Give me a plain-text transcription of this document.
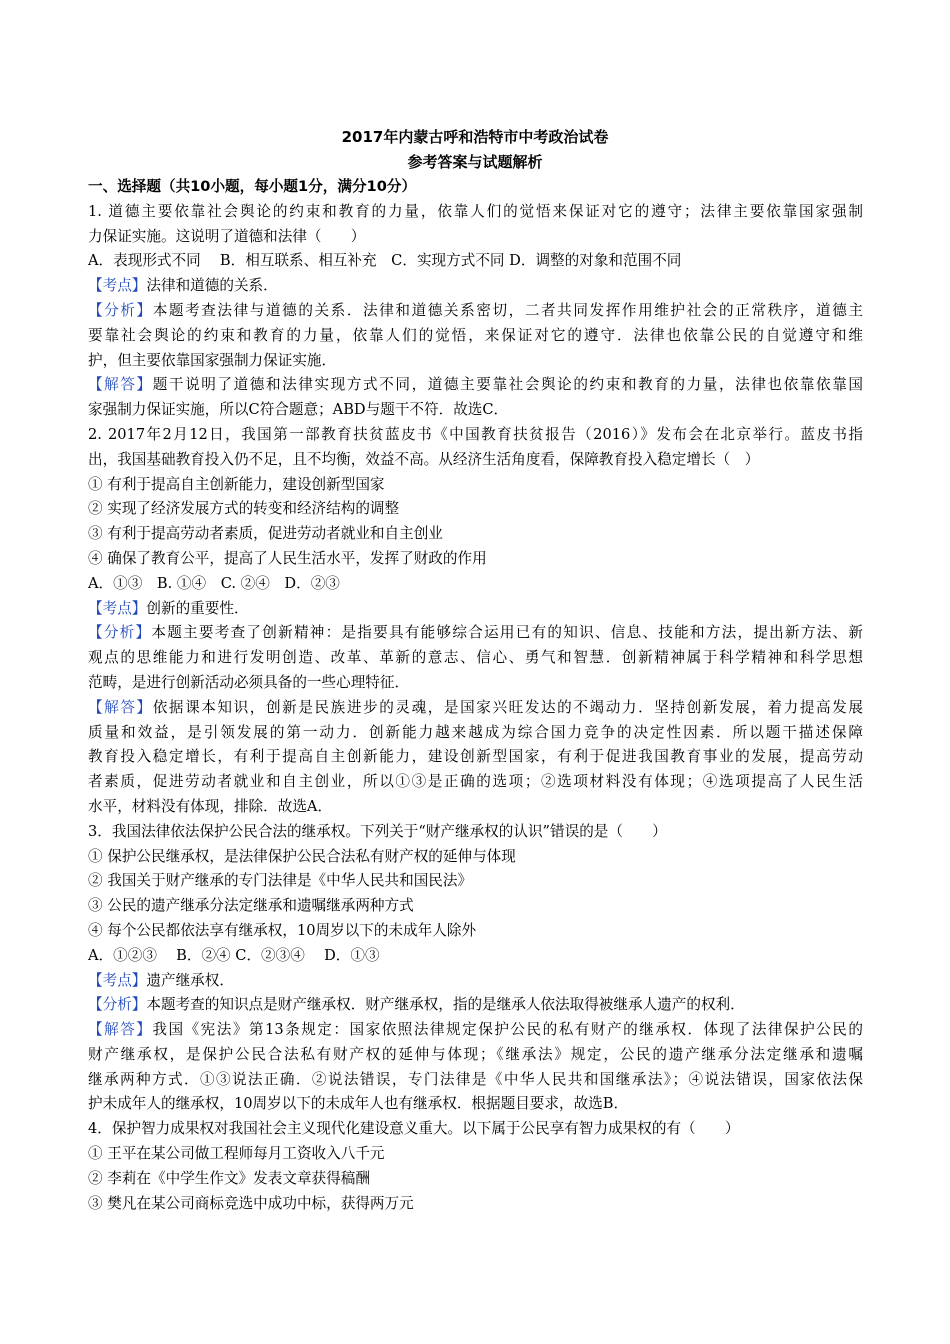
2017年内蒙古呼和浩特市中考政治试卷
参考答案与试题解析
一、选择题（共10小题，每小题1分，满分10分）
1. 道德主要依靠社会舆论的约束和教育的力量，依靠人们的觉悟来保证对它的遵守；法律主要依靠国家强制
力保证实施。这说明了道德和法律（　　）
A．表现形式不同　 B．相互联系、相互补充　C．实现方式不同 D．调整的对象和范围不同
【考点】法律和道德的关系．
【分析】本题考查法律与道德的关系．法律和道德关系密切，二者共同发挥作用维护社会的正常秩序，道德主
要靠社会舆论的约束和教育的力量，依靠人们的觉悟，来保证对它的遵守．法律也依靠公民的自觉遵守和维
护，但主要依靠国家强制力保证实施．
【解答】题干说明了道德和法律实现方式不同，道德主要靠社会舆论的约束和教育的力量，法律也依靠依靠国
家强制力保证实施，所以C符合题意；ABD与题干不符．故选C．
2. 2017年2月12日，我国第一部教育扶贫蓝皮书《中国教育扶贫报告（2016）》发布会在北京举行。蓝皮书指
出，我国基础教育投入仍不足，且不均衡，效益不高。从经济生活角度看，保障教育投入稳定增长（　）
① 有利于提高自主创新能力，建设创新型国家
② 实现了经济发展方式的转变和经济结构的调整
③ 有利于提高劳动者素质，促进劳动者就业和自主创业
④ 确保了教育公平，提高了人民生活水平，发挥了财政的作用
A．①③　B. ①④　C. ②④　D．②③
【考点】创新的重要性．
【分析】本题主要考查了创新精神：是指要具有能够综合运用已有的知识、信息、技能和方法，提出新方法、新
观点的思维能力和进行发明创造、改革、革新的意志、信心、勇气和智慧．创新精神属于科学精神和科学思想
范畴，是进行创新活动必须具备的一些心理特征．
【解答】依据课本知识，创新是民族进步的灵魂，是国家兴旺发达的不竭动力．坚持创新发展，着力提高发展
质量和效益，是引领发展的第一动力．创新能力越来越成为综合国力竞争的决定性因素．所以题干描述保障
教育投入稳定增长，有利于提高自主创新能力，建设创新型国家，有利于促进我国教育事业的发展，提高劳动
者素质，促进劳动者就业和自主创业，所以①③是正确的选项；②选项材料没有体现；④选项提高了人民生活
水平，材料没有体现，排除．故选A．
3．我国法律依法保护公民合法的继承权。下列关于“财产继承权的认识”错误的是（　　）
① 保护公民继承权，是法律保护公民合法私有财产权的延伸与体现
② 我国关于财产继承的专门法律是《中华人民共和国民法》
③ 公民的遗产继承分法定继承和遗嘱继承两种方式
④ 每个公民都依法享有继承权，10周岁以下的未成年人除外
A．①②③　 B．②④ C．②③④　 D．①③
【考点】遗产继承权．
【分析】本题考查的知识点是财产继承权．财产继承权，指的是继承人依法取得被继承人遗产的权利．
【解答】我国《宪法》第13条规定：国家依照法律规定保护公民的私有财产的继承权．体现了法律保护公民的
财产继承权，是保护公民合法私有财产权的延伸与体现；《继承法》规定，公民的遗产继承分法定继承和遗嘱
继承两种方式．①③说法正确．②说法错误，专门法律是《中华人民共和国继承法》；④说法错误，国家依法保
护未成年人的继承权，10周岁以下的未成年人也有继承权．根据题目要求，故选B．
4．保护智力成果权对我国社会主义现代化建设意义重大。以下属于公民享有智力成果权的有（　　）
① 王平在某公司做工程师每月工资收入八千元
② 李莉在《中学生作文》发表文章获得稿酬
③ 樊凡在某公司商标竞选中成功中标，获得两万元
